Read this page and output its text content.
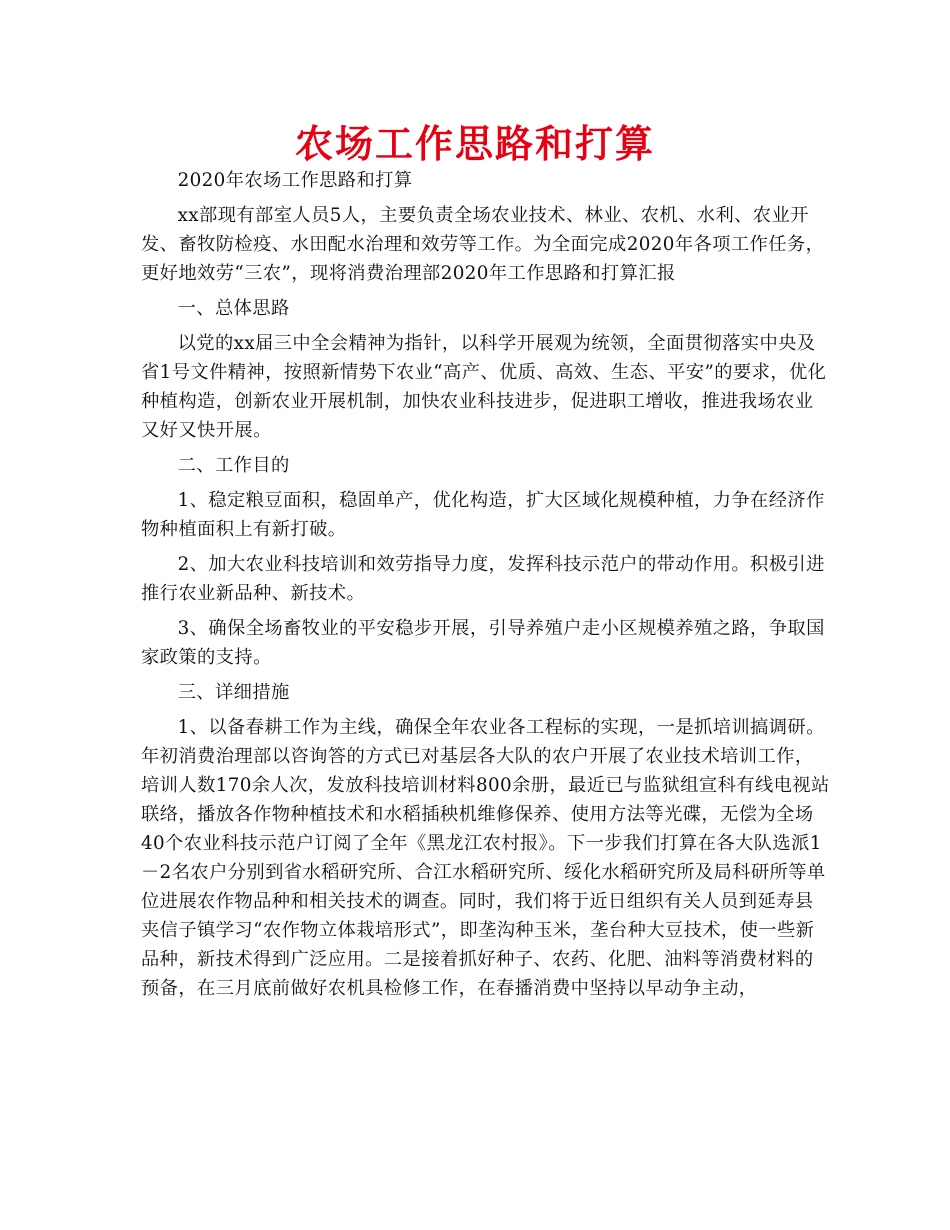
农场工作思路和打算

2020年农场工作思路和打算

xx部现有部室人员5人，主要负责全场农业技术、林业、农机、水利、农业开发、畜牧防检疫、水田配水治理和效劳等工作。为全面完成2020年各项工作任务，更好地效劳“三农”，现将消费治理部2020年工作思路和打算汇报

一、总体思路

以党的xx届三中全会精神为指针，以科学开展观为统领，全面贯彻落实中央及省1号文件精神，按照新情势下农业“高产、优质、高效、生态、平安”的要求，优化种植构造，创新农业开展机制，加快农业科技进步，促进职工增收，推进我场农业又好又快开展。

二、工作目的

1、稳定粮豆面积，稳固单产，优化构造，扩大区域化规模种植，力争在经济作物种植面积上有新打破。

2、加大农业科技培训和效劳指导力度，发挥科技示范户的带动作用。积极引进推行农业新品种、新技术。

3、确保全场畜牧业的平安稳步开展，引导养殖户走小区规模养殖之路，争取国家政策的支持。

三、详细措施

1、以备春耕工作为主线，确保全年农业各工程标的实现，一是抓培训搞调研。年初消费治理部以咨询答的方式已对基层各大队的农户开展了农业技术培训工作，培训人数170余人次，发放科技培训材料800余册，最近已与监狱组宣科有线电视站联络，播放各作物种植技术和水稻插秧机维修保养、使用方法等光碟，无偿为全场40个农业科技示范户订阅了全年《黑龙江农村报》。下一步我们打算在各大队选派1－2名农户分别到省水稻研究所、合江水稻研究所、绥化水稻研究所及局科研所等单位进展农作物品种和相关技术的调查。同时，我们将于近日组织有关人员到延寿县夹信子镇学习“农作物立体栽培形式”，即垄沟种玉米，垄台种大豆技术，使一些新品种，新技术得到广泛应用。二是接着抓好种子、农药、化肥、油料等消费材料的预备，在三月底前做好农机具检修工作，在春播消费中坚持以早动争主动，
